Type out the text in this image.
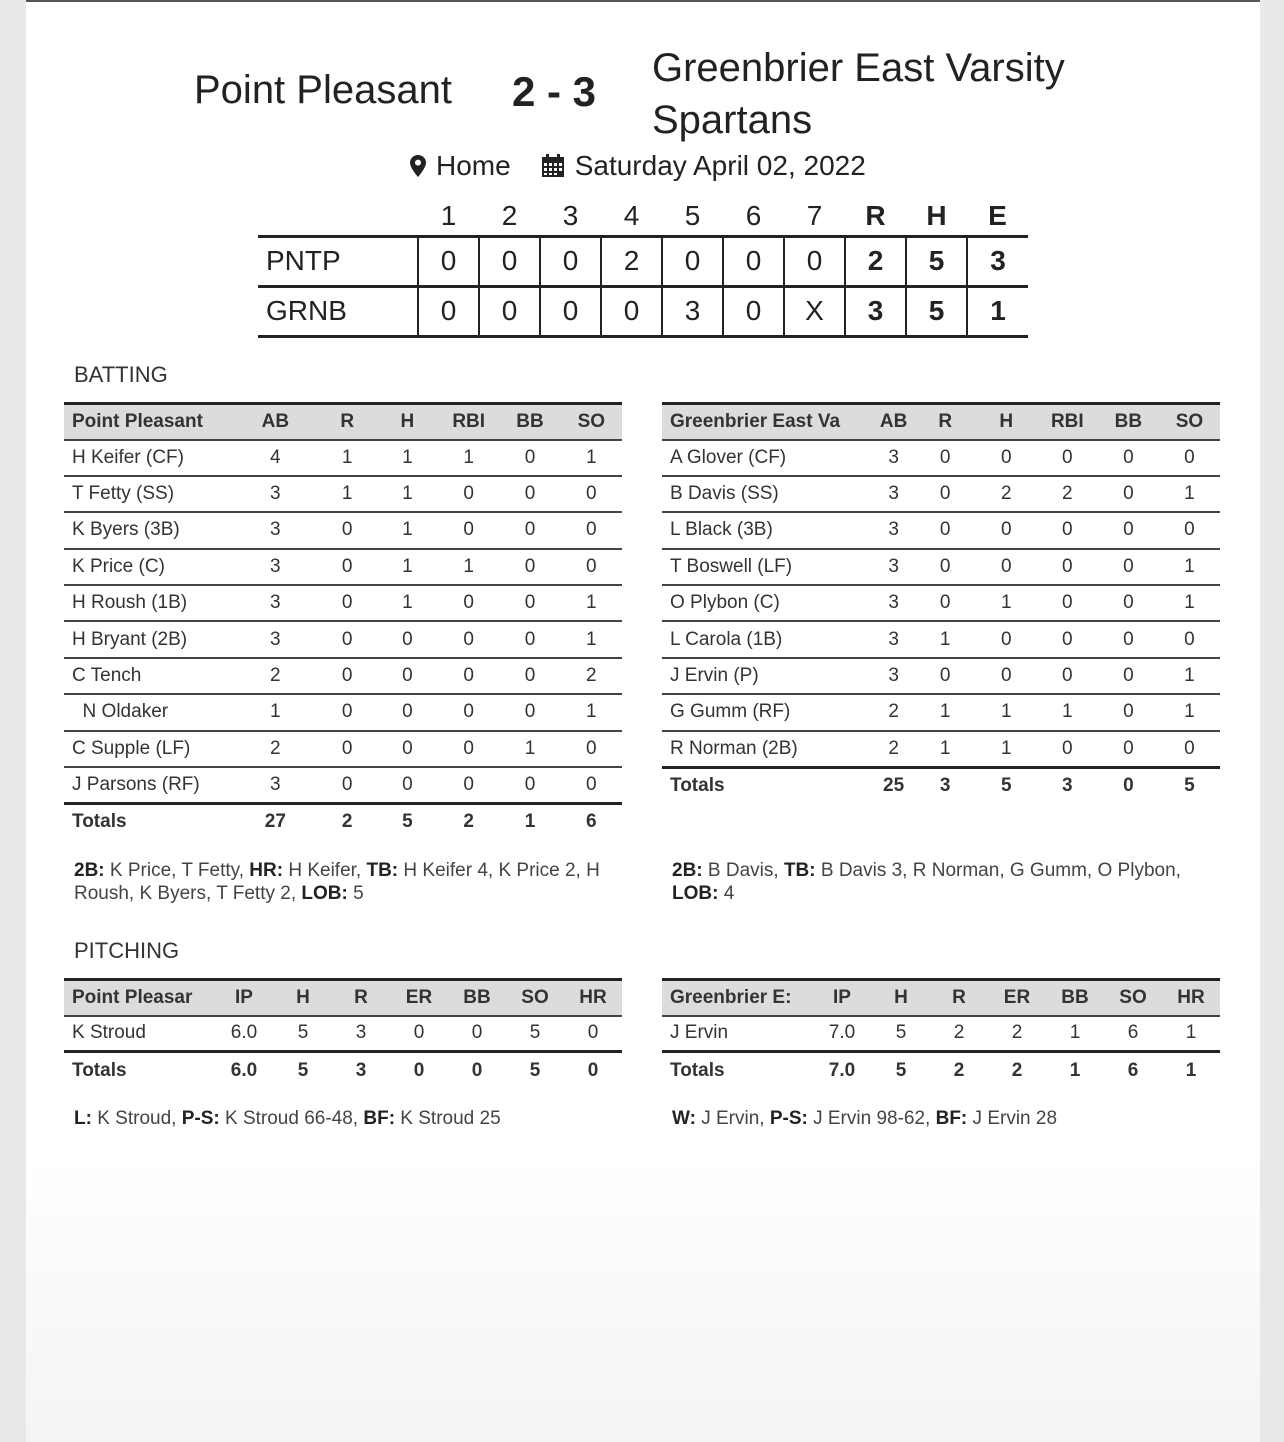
Point Pleasant 2 - 3 Greenbrier East Varsity
Spartans
Home Saturday April 02, 2022
	1	2	3	4	5	6	7	R	H	E
PNTP	0	0	0	2	0	0	0	2	5	3
GRNB	0	0	0	0	3	0	X	3	5	1
BATTING
Point Pleasant	AB	R	H	RBI	BB	SO
H Keifer (CF)	4	1	1	1	0	1
T Fetty (SS)	3	1	1	0	0	0
K Byers (3B)	3	0	1	0	0	0
K Price (C)	3	0	1	1	0	0
H Roush (1B)	3	0	1	0	0	1
H Bryant (2B)	3	0	0	0	0	1
C Tench	2	0	0	0	0	2
N Oldaker	1	0	0	0	0	1
C Supple (LF)	2	0	0	0	1	0
J Parsons (RF)	3	0	0	0	0	0
Totals	27	2	5	2	1	6
Greenbrier East Va	AB	R	H	RBI	BB	SO
A Glover (CF)	3	0	0	0	0	0
B Davis (SS)	3	0	2	2	0	1
L Black (3B)	3	0	0	0	0	0
T Boswell (LF)	3	0	0	0	0	1
O Plybon (C)	3	0	1	0	0	1
L Carola (1B)	3	1	0	0	0	0
J Ervin (P)	3	0	0	0	0	1
G Gumm (RF)	2	1	1	1	0	1
R Norman (2B)	2	1	1	0	0	0
Totals	25	3	5	3	0	5
2B: K Price, T Fetty, HR: H Keifer, TB: H Keifer 4, K Price 2, H Roush, K Byers, T Fetty 2, LOB: 5
2B: B Davis, TB: B Davis 3, R Norman, G Gumm, O Plybon, LOB: 4
PITCHING
Point Pleasar	IP	H	R	ER	BB	SO	HR
K Stroud	6.0	5	3	0	0	5	0
Totals	6.0	5	3	0	0	5	0
Greenbrier E:	IP	H	R	ER	BB	SO	HR
J Ervin	7.0	5	2	2	1	6	1
Totals	7.0	5	2	2	1	6	1
L: K Stroud, P-S: K Stroud 66-48, BF: K Stroud 25	W: J Ervin, P-S: J Ervin 98-62, BF: J Ervin 28
